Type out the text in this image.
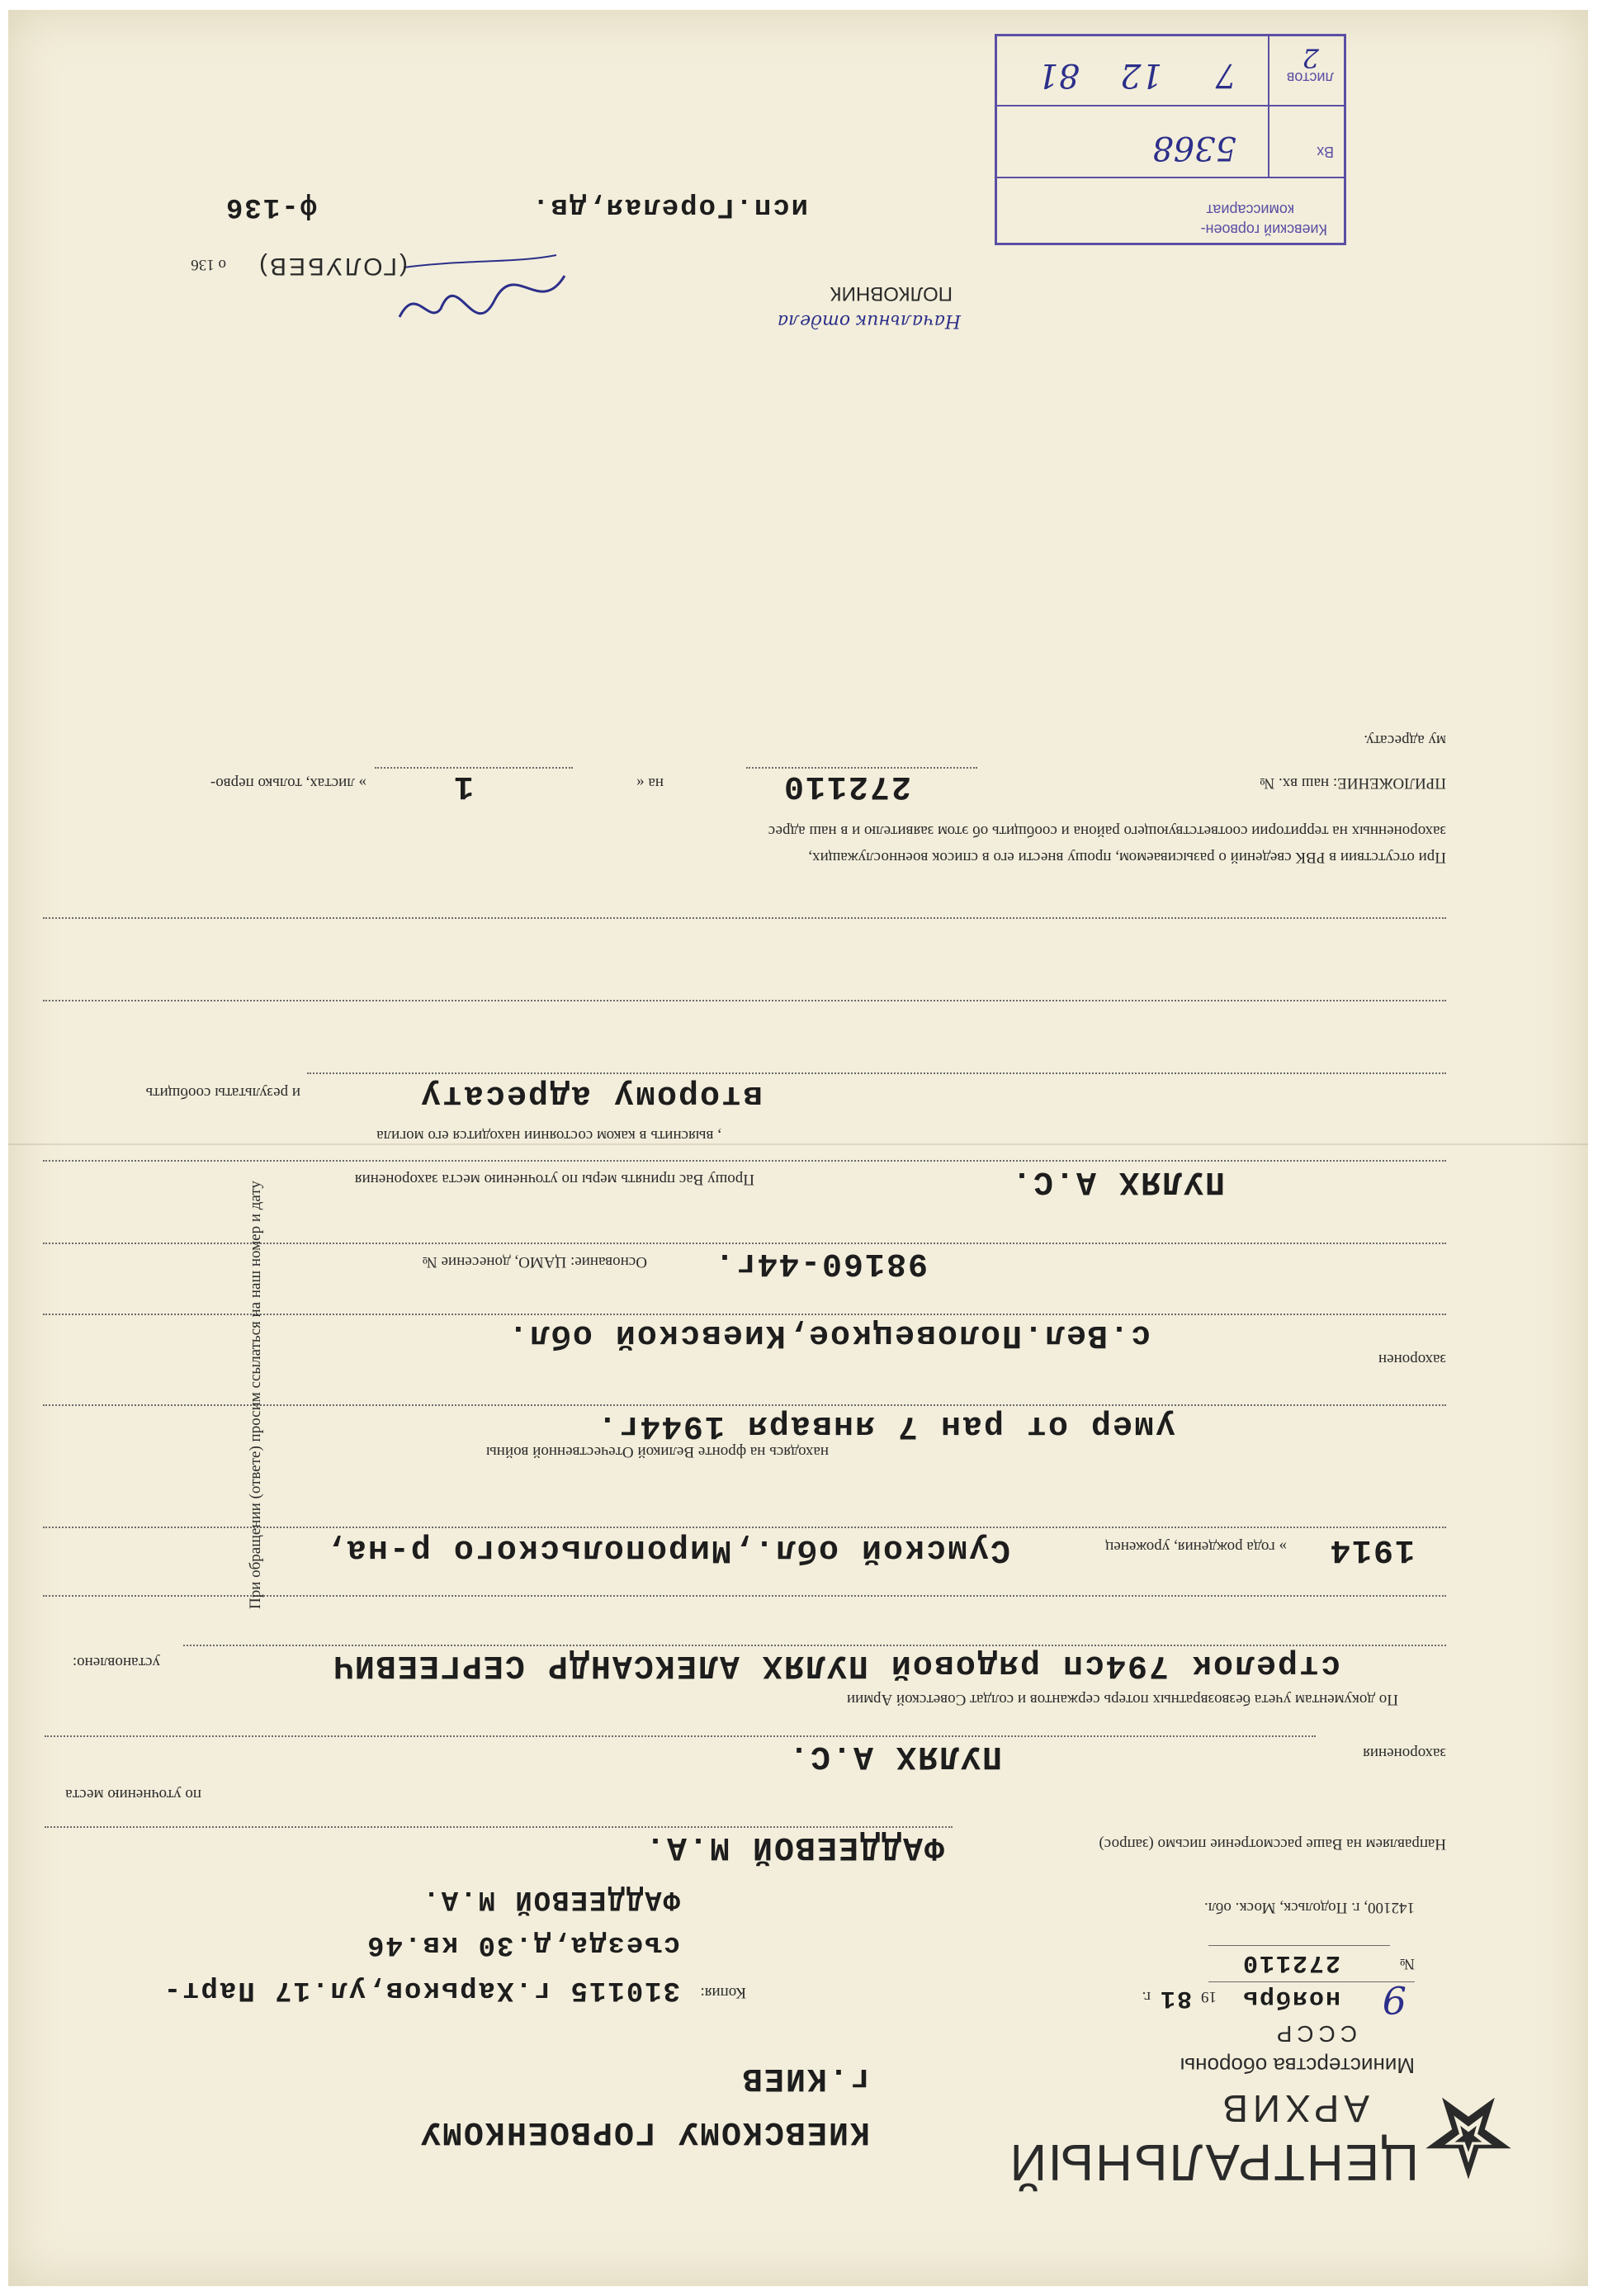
ЦЕНТРАЛЬНЫЙ
АРХИВ
Министерства обороны
СССР
9
ноябрь
19
81
г.
№
272110
142100, г. Подольск, Моск. обл.
КИЕВСКОМУ ГОРВОЕНКОМУ
г.КИЕВ
Копия:
310115 г.Харьков,ул.17 Парт-
съезда,д.30 кв.46
ФАДДЕЕВОЙ М.А.
Направляем на Ваше рассмотрение письмо (запрос)
ФАДДЕЕВОЙ М.А.
по уточнению места
захоронения
ПУЛЯХ А.С.
По документам учета безвозвратных потерь сержантов и солдат Советской Армии
установлено:	стрелок 794сп рядовой ПУЛЯХ АЛЕКСАНДР СЕРГЕЕВИЧ
1914
» года рождения, уроженец
Сумской обл.,Миропольского р-на,
находясь на фронте Великой Отечественной войны
умер от ран 7 января 1944г.
захоронен
с.Вел.Половецкое,Киевской обл.
Основание: ЦАМО, донесение № 98160-44г.
Прошу Вас принять меры по уточнению места захоронения	ПУЛЯХ А.С.
, выяснить в каком состоянии находится его могила
второму адресату
и результаты сообщить
При отсутствии в РВК сведений о разысиваемом, прошу внести его в список военнослужащих,
захороненных на территории соответствующего района и сообщить об этом заявителю и в наш адрес
ПРИЛОЖЕНИЕ: наш вх. №
272110
на «
1
» листах, только перво-
му адресату.
Начальник отдела
ПОЛКОВНИК
(ГОЛУБЕВ)
о 136
исп.Горелая,дв.
ф-136
Киевский горвоен-
комиссариат
Вх
5368
листов
2
7
12
81
При обращении (ответе) просим ссылаться на наш номер и дату
